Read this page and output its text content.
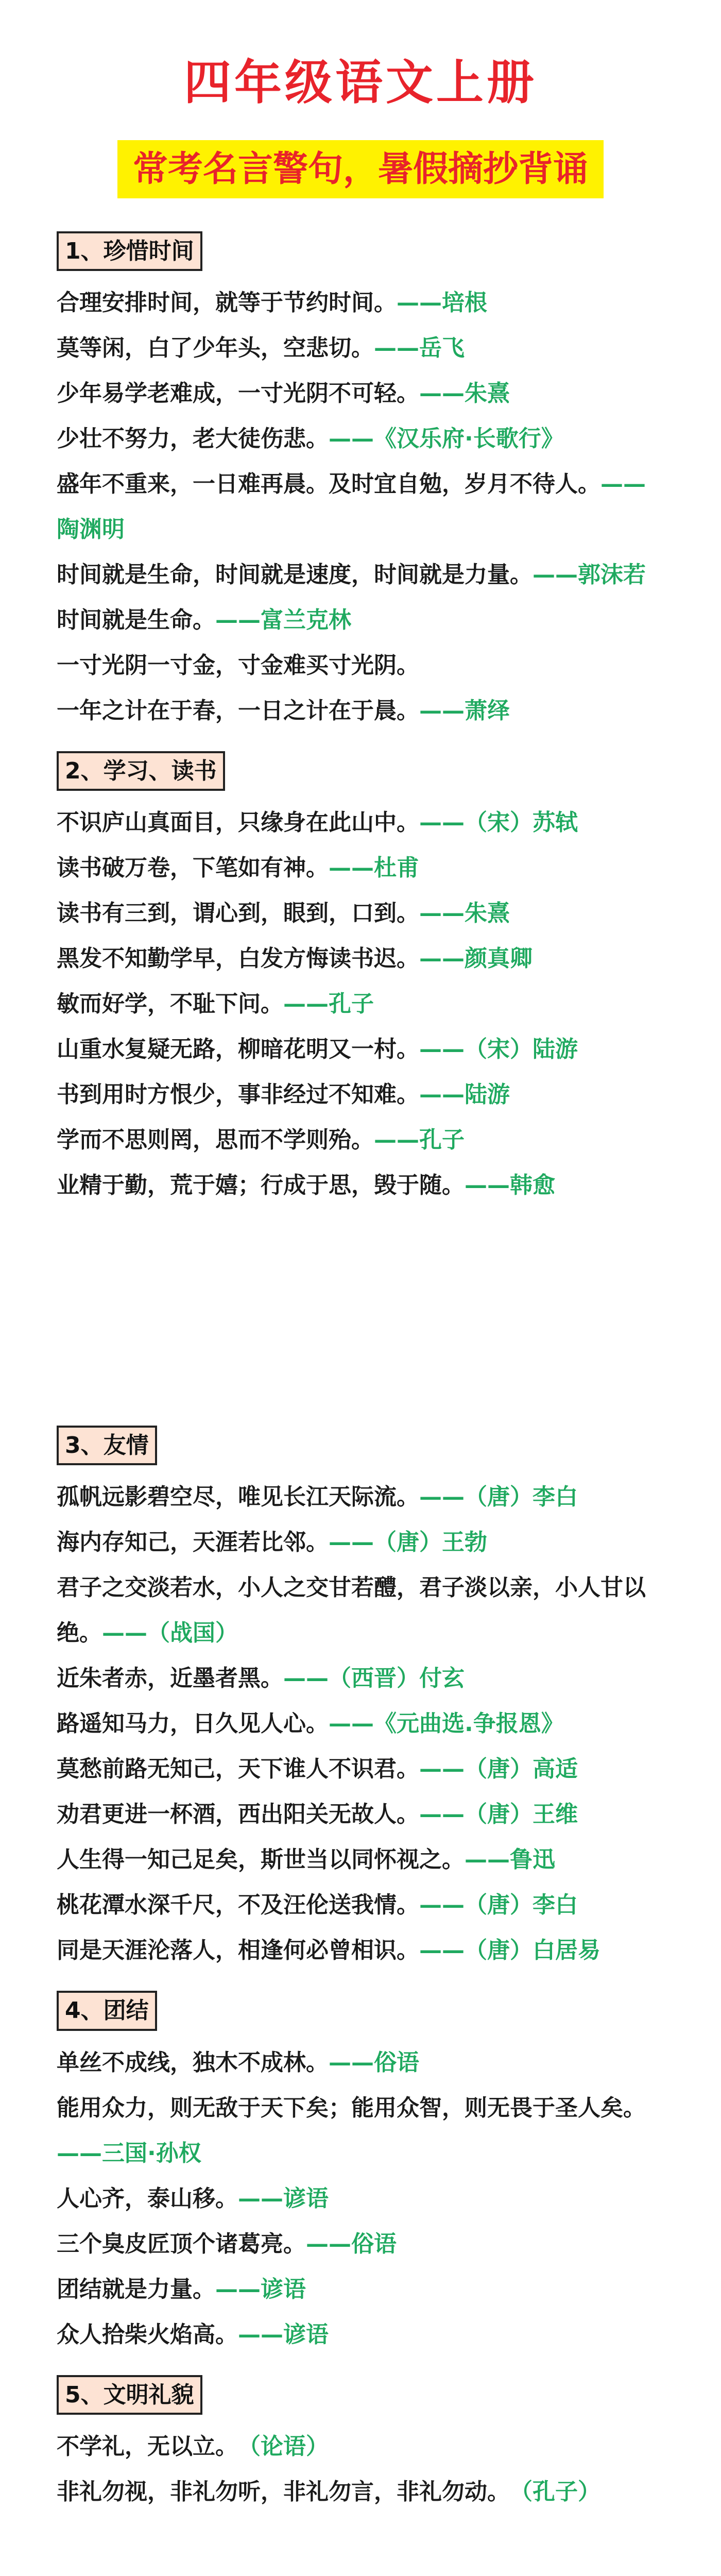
四年级语文上册
常考名言警句，暑假摘抄背诵
1、珍惜时间
合理安排时间，就等于节约时间。——培根
莫等闲，白了少年头，空悲切。——岳飞
少年易学老难成，一寸光阴不可轻。——朱熹
少壮不努力，老大徒伤悲。——《汉乐府·长歌行》
盛年不重来，一日难再晨。及时宜自勉，岁月不待人。——陶渊明
时间就是生命，时间就是速度，时间就是力量。——郭沫若
时间就是生命。——富兰克林
一寸光阴一寸金，寸金难买寸光阴。
一年之计在于春，一日之计在于晨。——萧绎
2、学习、读书
不识庐山真面目，只缘身在此山中。——（宋）苏轼
读书破万卷，下笔如有神。——杜甫
读书有三到，谓心到，眼到，口到。——朱熹
黑发不知勤学早，白发方悔读书迟。——颜真卿
敏而好学，不耻下问。——孔子
山重水复疑无路，柳暗花明又一村。——（宋）陆游
书到用时方恨少，事非经过不知难。——陆游
学而不思则罔，思而不学则殆。——孔子
业精于勤，荒于嬉；行成于思，毁于随。——韩愈
3、友情
孤帆远影碧空尽，唯见长江天际流。——（唐）李白
海内存知己，天涯若比邻。——（唐）王勃
君子之交淡若水，小人之交甘若醴，君子淡以亲，小人甘以绝。——（战国）
近朱者赤，近墨者黑。——（西晋）付玄
路遥知马力，日久见人心。——《元曲选.争报恩》
莫愁前路无知己，天下谁人不识君。——（唐）高适
劝君更进一杯酒，西出阳关无故人。——（唐）王维
人生得一知己足矣，斯世当以同怀视之。——鲁迅
桃花潭水深千尺，不及汪伦送我情。——（唐）李白
同是天涯沦落人，相逢何必曾相识。——（唐）白居易
4、团结
单丝不成线，独木不成林。——俗语
能用众力，则无敌于天下矣；能用众智，则无畏于圣人矣。——三国·孙权
人心齐，泰山移。——谚语
三个臭皮匠顶个诸葛亮。——俗语
团结就是力量。——谚语
众人拾柴火焰高。——谚语
5、文明礼貌
不学礼，无以立。　 （论语）
非礼勿视，非礼勿听，非礼勿言，非礼勿动。　 （孔子）
